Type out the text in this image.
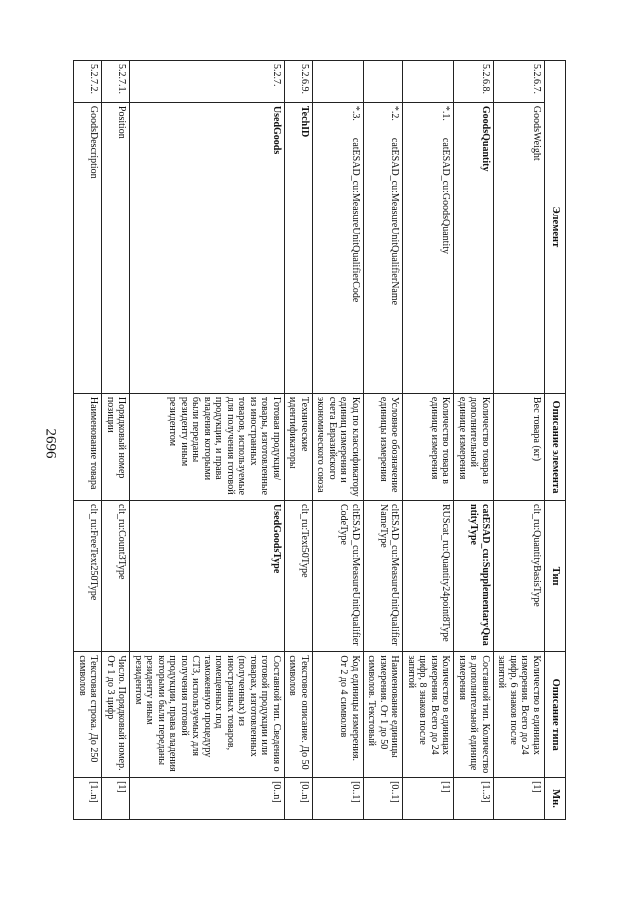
2696
Элемент		Описание элемента	Тип	Описание типа	Мн.
5.2.6.7.	GoodsWeight	Вес товара (кг)	clt_ru:QuantityBasisType	Количество в единицах измерения. Всего до 24 цифр, 6 знаков после запятой	[1]
5.2.6.8.	GoodsQuantity	Количество товара в дополнительной единице измерения	catESAD_cu:SupplementaryQuantityType	Составной тип. Количество в дополнительной единице измерения	[1..3]
	*.1.catESAD_cu:GoodsQuantity	Количество товара в единице измерения	RUScat_ru:Quantity24point8Type	Количество в единицах измерения. Всего до 24 цифр, 8 знаков после запятой	[1]
	*.2.catESAD_cu:MeasureUnitQualifierName	Условное обозначение единицы измерения	cltESAD_cu:MeasureUnitQualifierNameType	Наименование единицы измерения. От 1 до 50 символов. Текстовый	[0..1]
	*.3.catESAD_cu:MeasureUnitQualifierCode	Код по классификатору единиц измерения и счета Евразийского экономического союза	cltESAD_cu:MeasureUnitQualifierCodeType	Код единицы измерения. От 2 до 4 символов	[0..1]
5.2.6.9.	TechID	Технические идентификаторы	clt_ru:Text50Type	Текстовое описание. До 50 символов	[0..n]
5.2.7.	UsedGoods	Готовая продукция/товары, изготовленные из иностранных товаров, используемые для получения готовой продукции, и права владения которыми были переданы резиденту иным резидентом	UsedGoodsType	Составной тип. Сведения о готовой продукции или товарах, изготовленных (полученных) из иностранных товаров, помещенных под таможенную процедуру СТЗ, используемых для получения готовой продукции, права владения которыми были переданы резиденту иным резидентом	[0..n]
5.2.7.1.	Position	Порядковый номер позиции	clt_ru:Count3Type	Число. Порядковый номер. От 1 до 3 цифр	[1]
5.2.7.2.	GoodsDescription	Наименование товара	clt_ru:FreeText250Type	Текстовая строка. До 250 символов	[1..n]
